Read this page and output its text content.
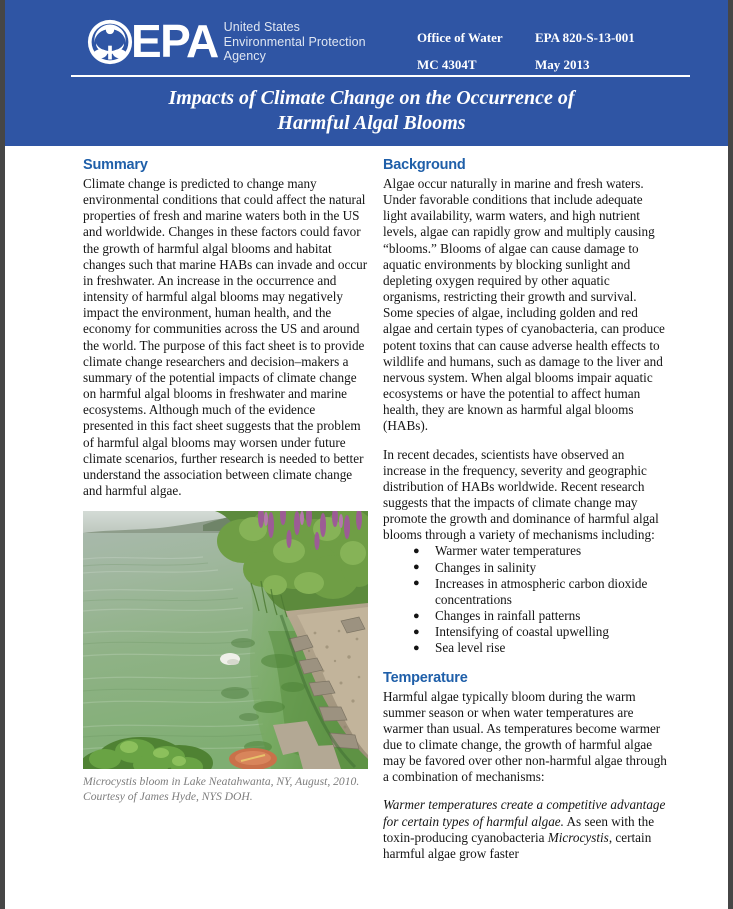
EPA United States
Environmental Protection
Agency
Office of Water	EPA 820-S-13-001
MC 4304T	May 2013
Impacts of Climate Change on the Occurrence of
Harmful Algal Blooms
Summary

Climate change is predicted to change many environmental conditions that could affect the natural properties of fresh and marine waters both in the US and worldwide. Changes in these factors could favor the growth of harmful algal blooms and habitat changes such that marine HABs can invade and occur in freshwater. An increase in the occurrence and intensity of harmful algal blooms may negatively impact the environment, human health, and the economy for communities across the US and around the world. The purpose of this fact sheet is to provide climate change researchers and decision–makers a summary of the potential impacts of climate change on harmful algal blooms in freshwater and marine ecosystems. Although much of the evidence presented in this fact sheet suggests that the problem of harmful algal blooms may worsen under future climate scenarios, further research is needed to better understand the association between climate change and harmful algae.

Microcystis bloom in Lake Neatahwanta, NY, August, 2010. Courtesy of James Hyde, NYS DOH.
Background

Algae occur naturally in marine and fresh waters. Under favorable conditions that include adequate light availability, warm waters, and high nutrient levels, algae can rapidly grow and multiply causing “blooms.” Blooms of algae can cause damage to aquatic environments by blocking sunlight and depleting oxygen required by other aquatic organisms, restricting their growth and survival. Some species of algae, including golden and red algae and certain types of cyanobacteria, can produce potent toxins that can cause adverse health effects to wildlife and humans, such as damage to the liver and nervous system. When algal blooms impair aquatic ecosystems or have the potential to affect human health, they are known as harmful algal blooms (HABs).

In recent decades, scientists have observed an increase in the frequency, severity and geographic distribution of HABs worldwide. Recent research suggests that the impacts of climate change may promote the growth and dominance of harmful algal blooms through a variety of mechanisms including:

● Warmer water temperatures
● Changes in salinity
● Increases in atmospheric carbon dioxide concentrations
● Changes in rainfall patterns
● Intensifying of coastal upwelling
● Sea level rise
Temperature

Harmful algae typically bloom during the warm summer season or when water temperatures are warmer than usual. As temperatures become warmer due to climate change, the growth of harmful algae may be favored over other non-harmful algae through a combination of mechanisms:

Warmer temperatures create a competitive advantage for certain types of harmful algae. As seen with the toxin-producing cyanobacteria Microcystis, certain harmful algae grow faster
